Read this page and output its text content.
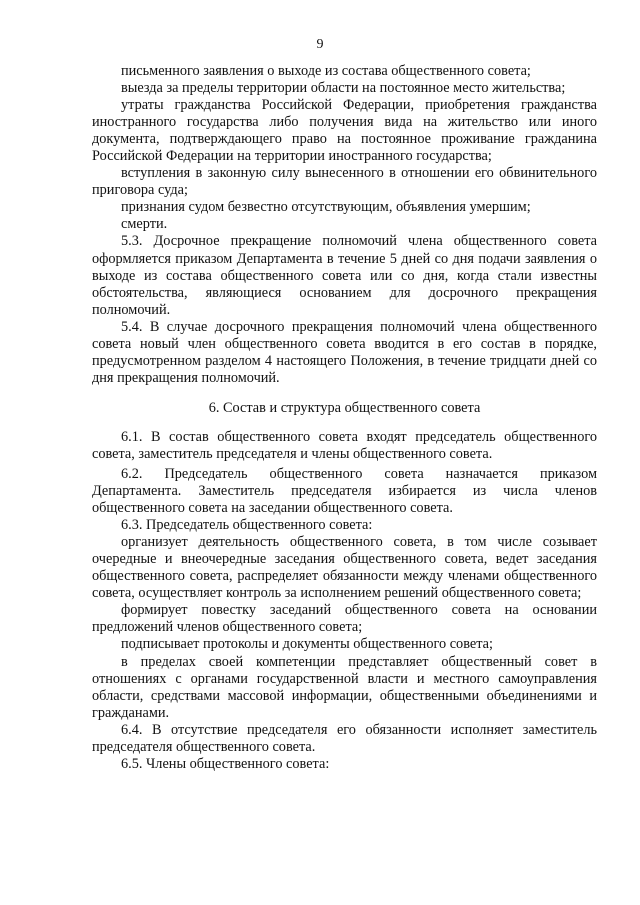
9

письменного заявления о выходе из состава общественного совета;

выезда за пределы территории области на постоянное место жительства;

утраты гражданства Российской Федерации, приобретения гражданства иностранного государства либо получения вида на жительство или иного документа, подтверждающего право на постоянное проживание гражданина Российской Федерации на территории иностранного государства;

вступления в законную силу вынесенного в отношении его обвинительного приговора суда;

признания судом безвестно отсутствующим, объявления умершим;

смерти.

5.3. Досрочное прекращение полномочий члена общественного совета оформляется приказом Департамента в течение 5 дней со дня подачи заявления о выходе из состава общественного совета или со дня, когда стали известны обстоятельства, являющиеся основанием для досрочного прекращения полномочий.

5.4. В случае досрочного прекращения полномочий члена общественного совета новый член общественного совета вводится в его состав в порядке, предусмотренном разделом 4 настоящего Положения, в течение тридцати дней со дня прекращения полномочий.

6. Состав и структура общественного совета

6.1. В состав общественного совета входят председатель общественного совета, заместитель председателя и члены общественного совета.

6.2. Председатель общественного совета назначается приказом Департамента. Заместитель председателя избирается из числа членов общественного совета на заседании общественного совета.

6.3. Председатель общественного совета:

организует деятельность общественного совета, в том числе созывает очередные и внеочередные заседания общественного совета, ведет заседания общественного совета, распределяет обязанности между членами общественного совета, осуществляет контроль за исполнением решений общественного совета;

формирует повестку заседаний общественного совета на основании предложений членов общественного совета;

подписывает протоколы и документы общественного совета;

в пределах своей компетенции представляет общественный совет в отношениях с органами государственной власти и местного самоуправления области, средствами массовой информации, общественными объединениями и гражданами.

6.4. В отсутствие председателя его обязанности исполняет заместитель председателя общественного совета.

6.5. Члены общественного совета:
